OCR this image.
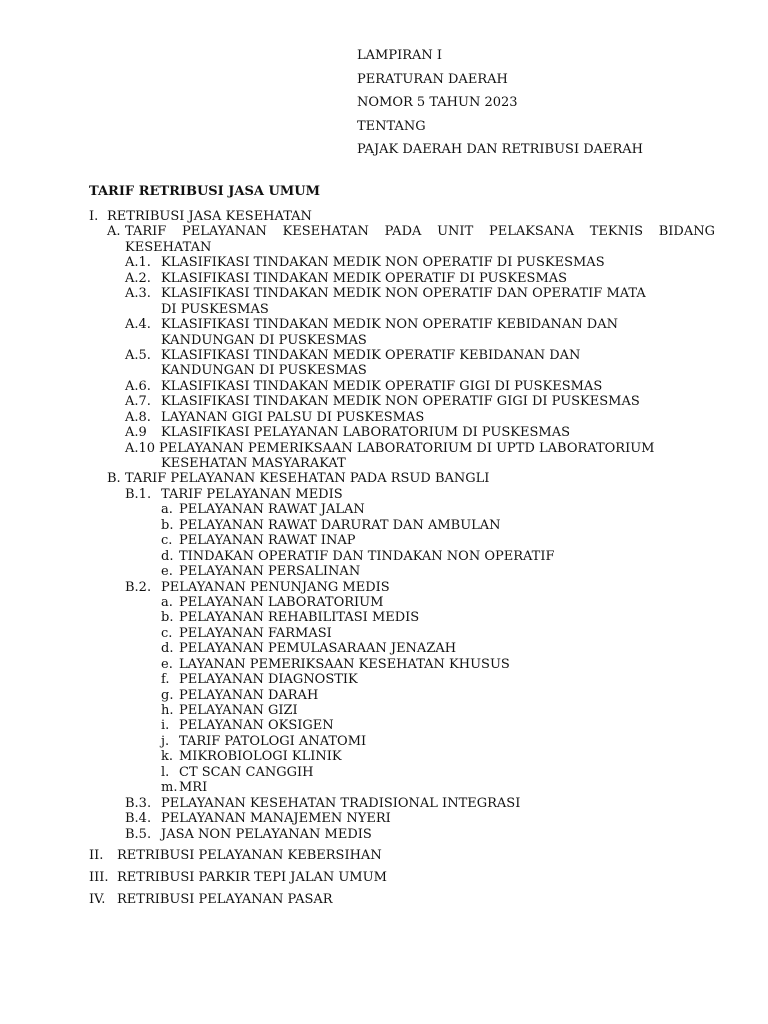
LAMPIRAN I
PERATURAN DAERAH
NOMOR 5 TAHUN 2023
TENTANG
PAJAK DAERAH DAN RETRIBUSI DAERAH
TARIF RETRIBUSI JASA UMUM
I. RETRIBUSI JASA KESEHATAN
A. TARIF PELAYANAN KESEHATAN PADA UNIT PELAKSANA TEKNIS BIDANG
KESEHATAN
A.1. KLASIFIKASI TINDAKAN MEDIK NON OPERATIF DI PUSKESMAS
A.2. KLASIFIKASI TINDAKAN MEDIK OPERATIF DI PUSKESMAS
A.3. KLASIFIKASI TINDAKAN MEDIK NON OPERATIF DAN OPERATIF MATA
DI PUSKESMAS
A.4. KLASIFIKASI TINDAKAN MEDIK NON OPERATIF KEBIDANAN DAN
KANDUNGAN DI PUSKESMAS
A.5. KLASIFIKASI TINDAKAN MEDIK OPERATIF KEBIDANAN DAN
KANDUNGAN DI PUSKESMAS
A.6. KLASIFIKASI TINDAKAN MEDIK OPERATIF GIGI DI PUSKESMAS
A.7. KLASIFIKASI TINDAKAN MEDIK NON OPERATIF GIGI DI PUSKESMAS
A.8. LAYANAN GIGI PALSU DI PUSKESMAS
A.9 KLASIFIKASI PELAYANAN LABORATORIUM DI PUSKESMAS
A.10 PELAYANAN PEMERIKSAAN LABORATORIUM DI UPTD LABORATORIUM
KESEHATAN MASYARAKAT
B. TARIF PELAYANAN KESEHATAN PADA RSUD BANGLI
B.1. TARIF PELAYANAN MEDIS
a. PELAYANAN RAWAT JALAN
b. PELAYANAN RAWAT DARURAT DAN AMBULAN
c. PELAYANAN RAWAT INAP
d. TINDAKAN OPERATIF DAN TINDAKAN NON OPERATIF
e. PELAYANAN PERSALINAN
B.2. PELAYANAN PENUNJANG MEDIS
a. PELAYANAN LABORATORIUM
b. PELAYANAN REHABILITASI MEDIS
c. PELAYANAN FARMASI
d. PELAYANAN PEMULASARAAN JENAZAH
e. LAYANAN PEMERIKSAAN KESEHATAN KHUSUS
f. PELAYANAN DIAGNOSTIK
g. PELAYANAN DARAH
h. PELAYANAN GIZI
i. PELAYANAN OKSIGEN
j. TARIF PATOLOGI ANATOMI
k. MIKROBIOLOGI KLINIK
l. CT SCAN CANGGIH
m. MRI
B.3. PELAYANAN KESEHATAN TRADISIONAL INTEGRASI
B.4. PELAYANAN MANAJEMEN NYERI
B.5. JASA NON PELAYANAN MEDIS
II. RETRIBUSI PELAYANAN KEBERSIHAN
III. RETRIBUSI PARKIR TEPI JALAN UMUM
IV. RETRIBUSI PELAYANAN PASAR
